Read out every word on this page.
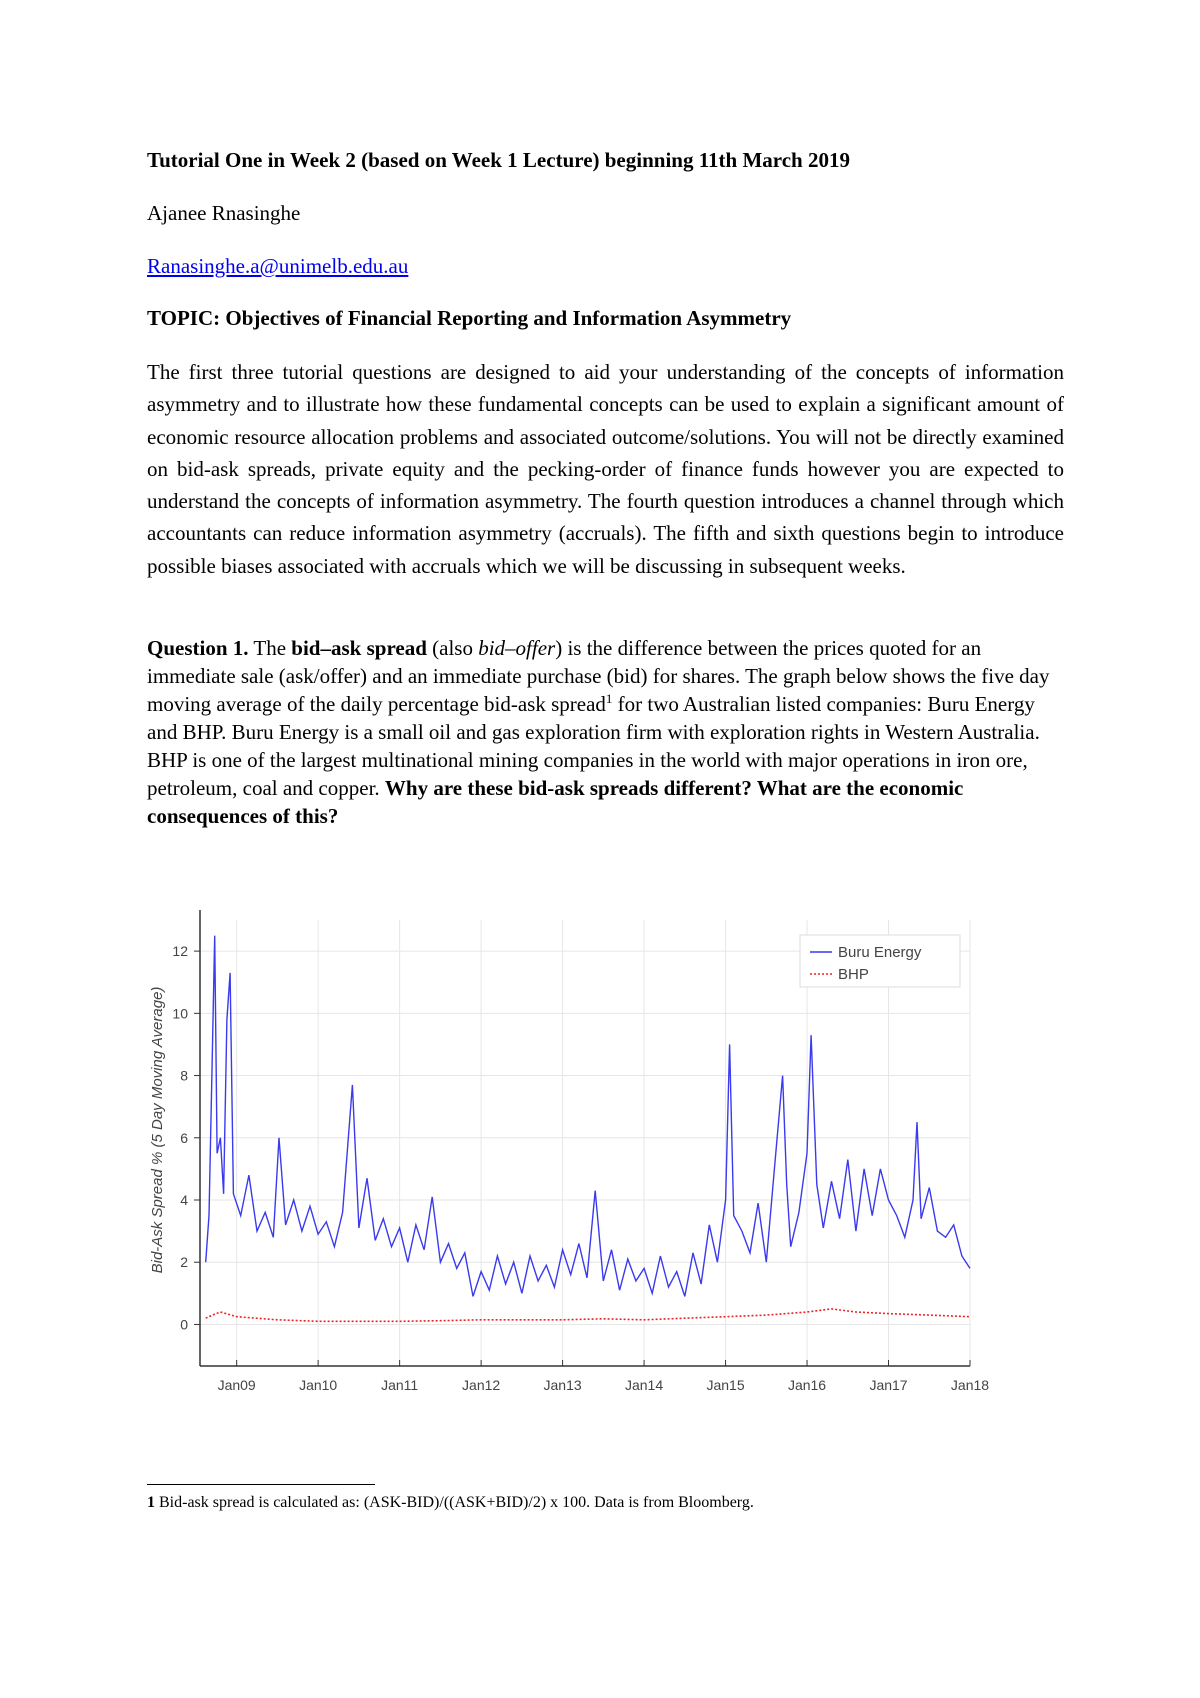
Tutorial One in Week 2 (based on Week 1 Lecture) beginning 11th March 2019
Ajanee Rnasinghe
Ranasinghe.a@unimelb.edu.au
TOPIC: Objectives of Financial Reporting and Information Asymmetry

The first three tutorial questions are designed to aid your understanding of the concepts of information asymmetry and to illustrate how these fundamental concepts can be used to explain a significant amount of economic resource allocation problems and associated outcome/solutions. You will not be directly examined on bid-ask spreads, private equity and the pecking-order of finance funds however you are expected to understand the concepts of information asymmetry. The fourth question introduces a channel through which accountants can reduce information asymmetry (accruals). The fifth and sixth questions begin to introduce possible biases associated with accruals which we will be discussing in subsequent weeks.

Question 1. The bid–ask spread (also bid–offer) is the difference between the prices quoted for an immediate sale (ask/offer) and an immediate purchase (bid) for shares. The graph below shows the five day moving average of the daily percentage bid-ask spread$^1$ for two Australian listed companies: Buru Energy and BHP. Buru Energy is a small oil and gas exploration firm with exploration rights in Western Australia. BHP is one of the largest multinational mining companies in the world with major operations in iron ore, petroleum, coal and copper. Why are these bid-ask spreads different? What are the economic consequences of this?

0
2
4
6
8
10
12
Jan09	Jan10	Jan11	Jan12	Jan13	Jan14	Jan15	Jan16	Jan17	Jan18
Bid-Ask Spread % (5 Day Moving Average)
Buru Energy
BHP
1 Bid-ask spread is calculated as: (ASK-BID)/((ASK+BID)/2) x 100. Data is from Bloomberg.
